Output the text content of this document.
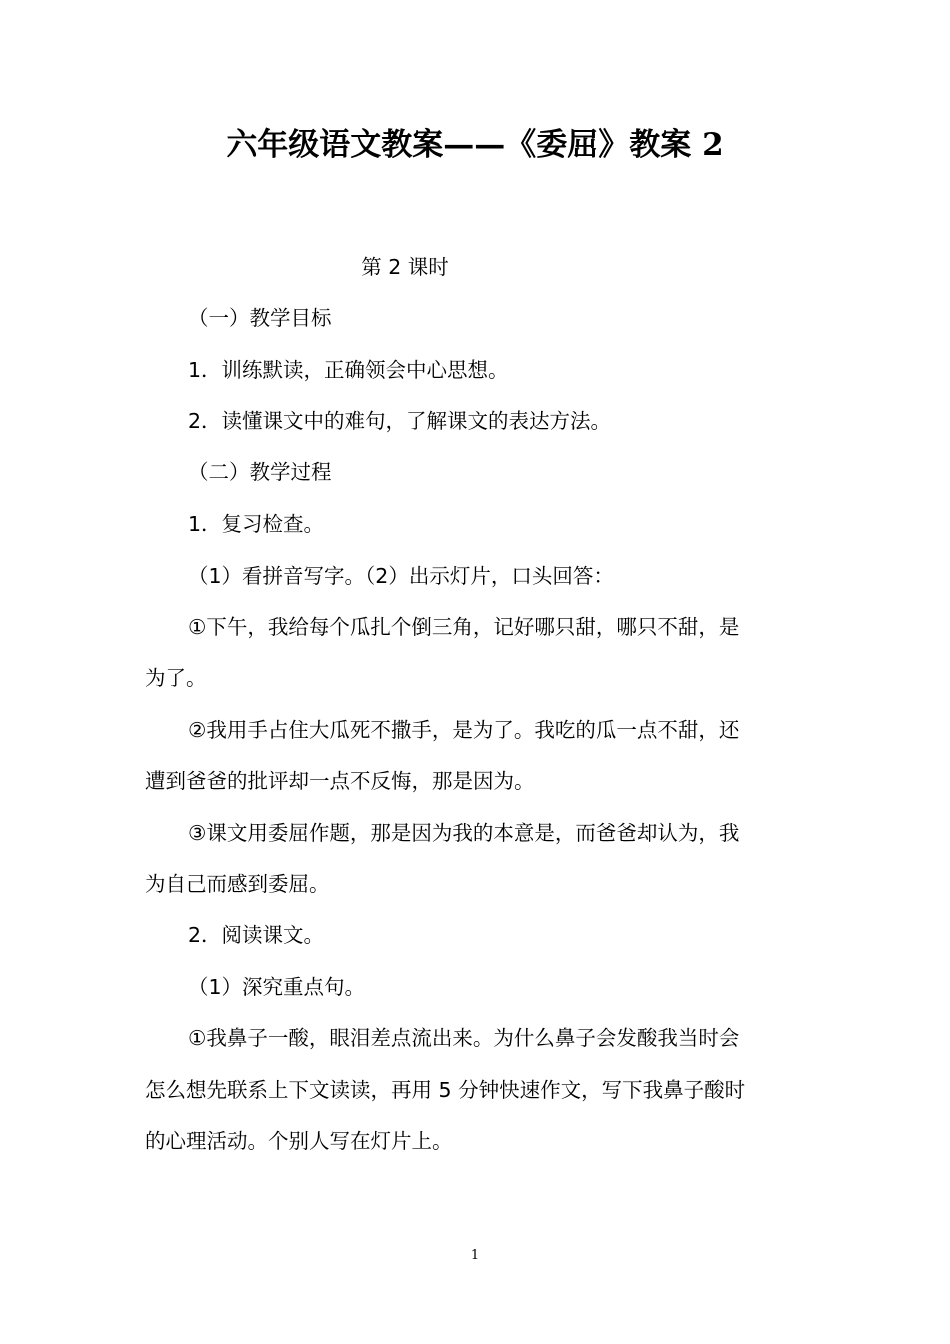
六年级语文教案——《委屈》教案 2

第 2 课时

（一）教学目标

1．训练默读，正确领会中心思想。

2．读懂课文中的难句，了解课文的表达方法。

（二）教学过程

1．复习检查。

（1）看拼音写字。（2）出示灯片，口头回答：

①下午，我给每个瓜扎个倒三角，记好哪只甜，哪只不甜，是

为了。

②我用手占住大瓜死不撒手，是为了。我吃的瓜一点不甜，还

遭到爸爸的批评却一点不反悔，那是因为。

③课文用委屈作题，那是因为我的本意是，而爸爸却认为，我

为自己而感到委屈。

2．阅读课文。

（1）深究重点句。

①我鼻子一酸，眼泪差点流出来。为什么鼻子会发酸我当时会

怎么想先联系上下文读读，再用 5 分钟快速作文，写下我鼻子酸时

的心理活动。个别人写在灯片上。

1
